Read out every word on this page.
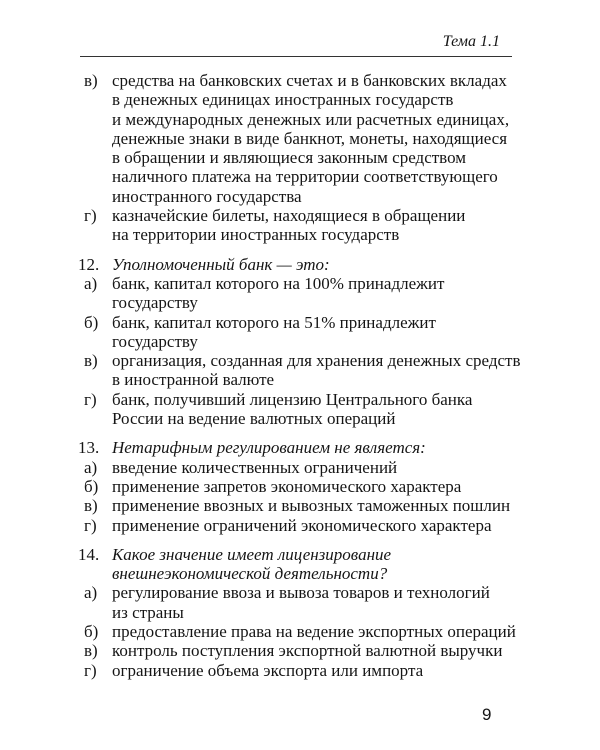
Тема 1.1
в) средства на банковских счетах и в банковских вкладах
в денежных единицах иностранных государств
и международных денежных или расчетных единицах,
денежные знаки в виде банкнот, монеты, находящиеся
в обращении и являющиеся законным средством
наличного платежа на территории соответствующего
иностранного государства
г) казначейские билеты, находящиеся в обращении
на территории иностранных государств
12. Уполномоченный банк — это:
а) банк, капитал которого на 100% принадлежит
государству
б) банк, капитал которого на 51% принадлежит
государству
в) организация, созданная для хранения денежных средств
в иностранной валюте
г) банк, получивший лицензию Центрального банка
России на ведение валютных операций
13. Нетарифным регулированием не является:
а) введение количественных ограничений
б) применение запретов экономического характера
в) применение ввозных и вывозных таможенных пошлин
г) применение ограничений экономического характера
14. Какое значение имеет лицензирование
внешнеэкономической деятельности?
а) регулирование ввоза и вывоза товаров и технологий
из страны
б) предоставление права на ведение экспортных операций
в) контроль поступления экспортной валютной выручки
г) ограничение объема экспорта или импорта
9
